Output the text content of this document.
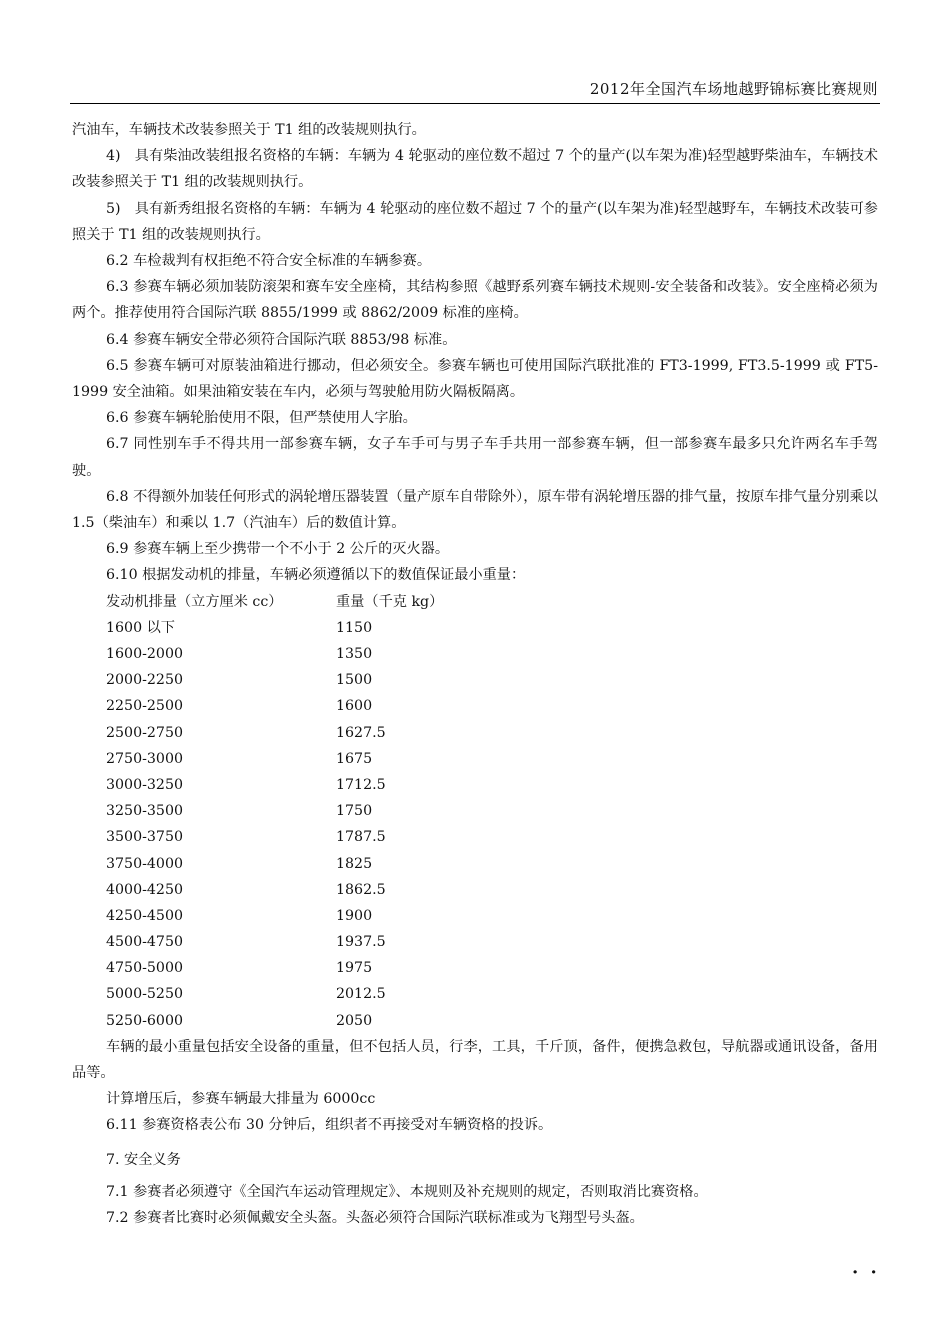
2012年全国汽车场地越野锦标赛比赛规则

汽油车，车辆技术改装参照关于 T1 组的改装规则执行。

4)　具有柴油改装组报名资格的车辆：车辆为 4 轮驱动的座位数不超过 7 个的量产(以车架为准)轻型越野柴油车，车辆技术改装参照关于 T1 组的改装规则执行。

5)　具有新秀组报名资格的车辆：车辆为 4 轮驱动的座位数不超过 7 个的量产(以车架为准)轻型越野车，车辆技术改装可参照关于 T1 组的改装规则执行。

6.2 车检裁判有权拒绝不符合安全标准的车辆参赛。

6.3 参赛车辆必须加装防滚架和赛车安全座椅，其结构参照《越野系列赛车辆技术规则-安全装备和改装》。安全座椅必须为两个。推荐使用符合国际汽联 8855/1999 或 8862/2009 标准的座椅。

6.4 参赛车辆安全带必须符合国际汽联 8853/98 标准。

6.5 参赛车辆可对原装油箱进行挪动，但必须安全。参赛车辆也可使用国际汽联批准的 FT3-1999, FT3.5-1999 或 FT5-1999 安全油箱。如果油箱安装在车内，必须与驾驶舱用防火隔板隔离。

6.6 参赛车辆轮胎使用不限，但严禁使用人字胎。

6.7 同性别车手不得共用一部参赛车辆，女子车手可与男子车手共用一部参赛车辆，但一部参赛车最多只允许两名车手驾驶。

6.8 不得额外加装任何形式的涡轮增压器装置（量产原车自带除外），原车带有涡轮增压器的排气量，按原车排气量分别乘以 1.5（柴油车）和乘以 1.7（汽油车）后的数值计算。

6.9 参赛车辆上至少携带一个不小于 2 公斤的灭火器。

6.10 根据发动机的排量，车辆必须遵循以下的数值保证最小重量：

发动机排量（立方厘米 cc）	重量（千克 kg）
1600 以下	1150
1600-2000	1350
2000-2250	1500
2250-2500	1600
2500-2750	1627.5
2750-3000	1675
3000-3250	1712.5
3250-3500	1750
3500-3750	1787.5
3750-4000	1825
4000-4250	1862.5
4250-4500	1900
4500-4750	1937.5
4750-5000	1975
5000-5250	2012.5
5250-6000	2050

车辆的最小重量包括安全设备的重量，但不包括人员，行李，工具，千斤顶，备件，便携急救包，导航器或通讯设备，备用品等。

计算增压后，参赛车辆最大排量为 6000cc

6.11 参赛资格表公布 30 分钟后，组织者不再接受对车辆资格的投诉。

7. 安全义务

7.1 参赛者必须遵守《全国汽车运动管理规定》、本规则及补充规则的规定，否则取消比赛资格。

7.2 参赛者比赛时必须佩戴安全头盔。头盔必须符合国际汽联标准或为飞翔型号头盔。

· ·
